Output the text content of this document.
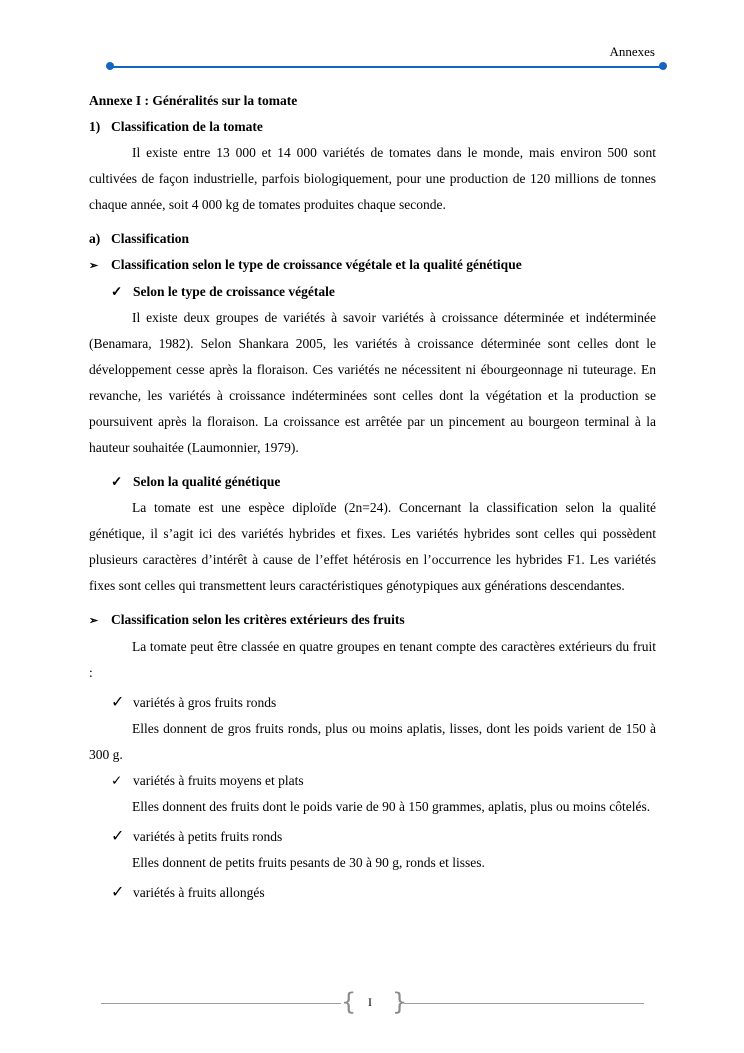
Annexes

Annexe I : Généralités sur la tomate

1) Classification de la tomate

Il existe entre 13 000 et 14 000 variétés de tomates dans le monde, mais environ 500 sont cultivées de façon industrielle, parfois biologiquement, pour une production de 120 millions de tonnes chaque année, soit 4 000 kg de tomates produites chaque seconde.

a) Classification

➢ Classification selon le type de croissance végétale et la qualité génétique

✓ Selon le type de croissance végétale

Il existe deux groupes de variétés à savoir variétés à croissance déterminée et indéterminée (Benamara, 1982). Selon Shankara 2005, les variétés à croissance déterminée sont celles dont le développement cesse après la floraison. Ces variétés ne nécessitent ni ébourgeonnage ni tuteurage. En revanche, les variétés à croissance indéterminées sont celles dont la végétation et la production se poursuivent après la floraison. La croissance est arrêtée par un pincement au bourgeon terminal à la hauteur souhaitée (Laumonnier, 1979).

✓ Selon la qualité génétique

La tomate est une espèce diploïde (2n=24). Concernant la classification selon la qualité génétique, il s’agit ici des variétés hybrides et fixes. Les variétés hybrides sont celles qui possèdent plusieurs caractères d’intérêt à cause de l’effet hétérosis en l’occurrence les hybrides F1. Les variétés fixes sont celles qui transmettent leurs caractéristiques génotypiques aux générations descendantes.

➢ Classification selon les critères extérieurs des fruits

La tomate peut être classée en quatre groupes en tenant compte des caractères extérieurs du fruit :

✓ variétés à gros fruits ronds

Elles donnent de gros fruits ronds, plus ou moins aplatis, lisses, dont les poids varient de 150 à 300 g.

✓ variétés à fruits moyens et plats

Elles donnent des fruits dont le poids varie de 90 à 150 grammes, aplatis, plus ou moins côtelés.

✓ variétés à petits fruits ronds

Elles donnent de petits fruits pesants de 30 à 90 g, ronds et lisses.

✓ variétés à fruits allongés

{ I }
